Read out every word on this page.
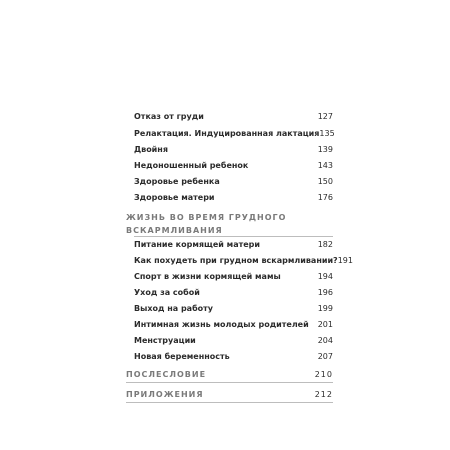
Отказ от груди	127
Релактация. Индуцированная лактация 135
Двойня	139
Недоношенный ребенок	143
Здоровье ребенка	150
Здоровье матери	176
ЖИЗНЬ ВО ВРЕМЯ ГРУДНОГО
ВСКАРМЛИВАНИЯ
Питание кормящей матери	182
Как похудеть при грудном вскармливании? 191
Спорт в жизни кормящей мамы	194
Уход за собой	196
Выход на работу	199
Интимная жизнь молодых родителей 201
Менструации	204
Новая беременность	207
ПОСЛЕСЛОВИЕ	210
ПРИЛОЖЕНИЯ	212
